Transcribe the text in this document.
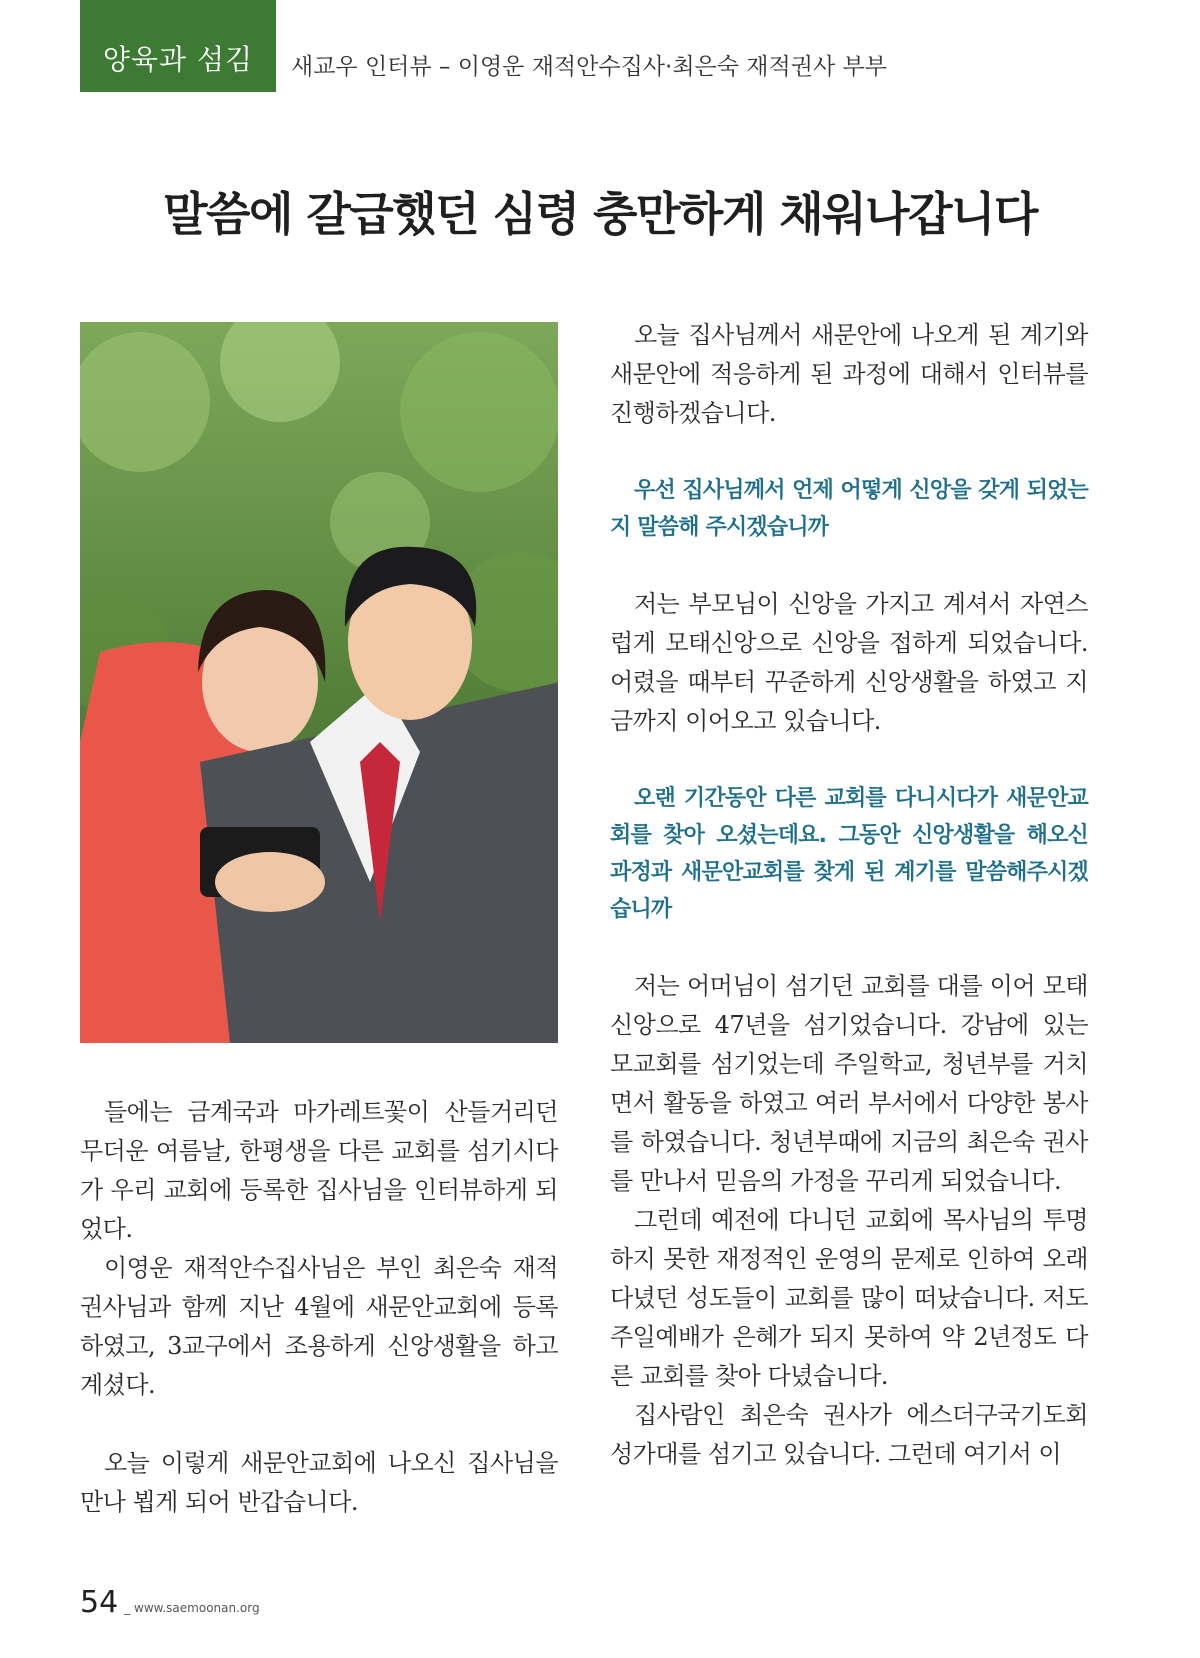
양육과 섬김	새교우 인터뷰 – 이영운 재적안수집사·최은숙 재적권사 부부
말씀에 갈급했던 심령 충만하게 채워나갑니다

들에는 금계국과 마가레트꽃이 산들거리던 무더운 여름날, 한평생을 다른 교회를 섬기시다가 우리 교회에 등록한 집사님을 인터뷰하게 되었다.

이영운 재적안수집사님은 부인 최은숙 재적권사님과 함께 지난 4월에 새문안교회에 등록하였고, 3교구에서 조용하게 신앙생활을 하고 계셨다.

오늘 이렇게 새문안교회에 나오신 집사님을 만나 뵙게 되어 반갑습니다.

오늘 집사님께서 새문안에 나오게 된 계기와 새문안에 적응하게 된 과정에 대해서 인터뷰를 진행하겠습니다.

우선 집사님께서 언제 어떻게 신앙을 갖게 되었는지 말씀해 주시겠습니까

저는 부모님이 신앙을 가지고 계셔서 자연스럽게 모태신앙으로 신앙을 접하게 되었습니다. 어렸을 때부터 꾸준하게 신앙생활을 하였고 지금까지 이어오고 있습니다.

오랜 기간동안 다른 교회를 다니시다가 새문안교회를 찾아 오셨는데요. 그동안 신앙생활을 해오신 과정과 새문안교회를 찾게 된 계기를 말씀해주시겠습니까

저는 어머님이 섬기던 교회를 대를 이어 모태신앙으로 47년을 섬기었습니다. 강남에 있는 모교회를 섬기었는데 주일학교, 청년부를 거치면서 활동을 하였고 여러 부서에서 다양한 봉사를 하였습니다. 청년부때에 지금의 최은숙 권사를 만나서 믿음의 가정을 꾸리게 되었습니다.

그런데 예전에 다니던 교회에 목사님의 투명하지 못한 재정적인 운영의 문제로 인하여 오래 다녔던 성도들이 교회를 많이 떠났습니다. 저도 주일예배가 은혜가 되지 못하여 약 2년정도 다른 교회를 찾아 다녔습니다.

집사람인 최은숙 권사가 에스더구국기도회 성가대를 섬기고 있습니다. 그런데 여기서 이

54 _ www.saemoonan.org
